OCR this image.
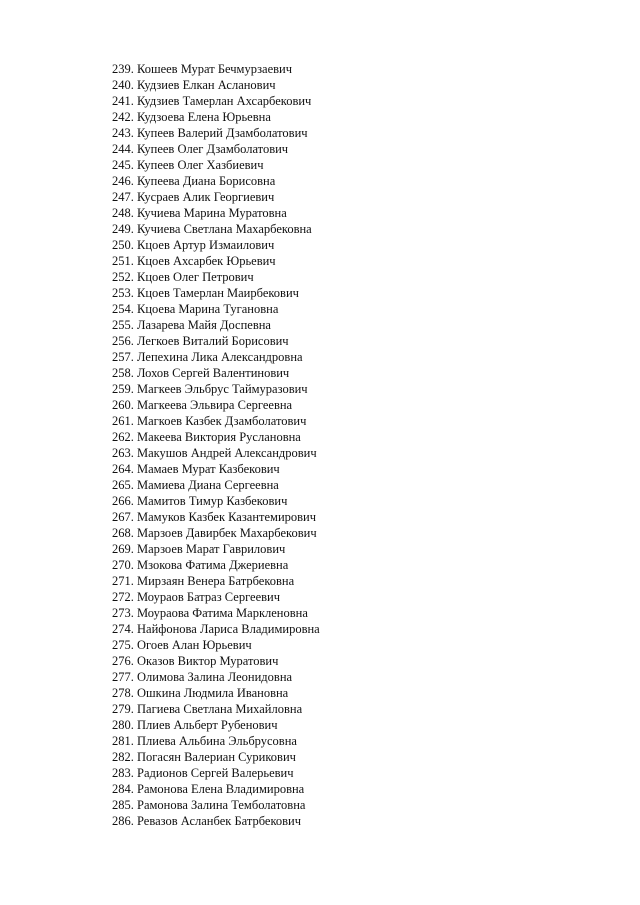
239. Кошеев Мурат Бечмурзаевич
240. Кудзиев Елкан Асланович
241. Кудзиев Тамерлан Ахсарбекович
242. Кудзоева Елена Юрьевна
243. Купеев Валерий Дзамболатович
244. Купеев Олег Дзамболатович
245. Купеев Олег Хазбиевич
246. Купеева Диана Борисовна
247. Кусраев Алик Георгиевич
248. Кучиева Марина Муратовна
249. Кучиева Светлана Махарбековна
250. Кцоев Артур Измаилович
251. Кцоев Ахсарбек Юрьевич
252. Кцоев Олег Петрович
253. Кцоев Тамерлан Маирбекович
254. Кцоева Марина Тугановна
255. Лазарева Майя Доспевна
256. Легкоев Виталий Борисович
257. Лепехина Лика Александровна
258. Лохов Сергей Валентинович
259. Магкеев Эльбрус Таймуразович
260. Магкеева Эльвира Сергеевна
261. Магкоев Казбек Дзамболатович
262. Макеева Виктория Руслановна
263. Макушов Андрей Александрович
264. Мамаев Мурат Казбекович
265. Мамиева Диана Сергеевна
266. Мамитов Тимур Казбекович
267. Мамуков Казбек Казантемирович
268. Марзоев Давирбек Махарбекович
269. Марзоев Марат Гаврилович
270. Мзокова Фатима Джериевна
271. Мирзаян Венера Батрбековна
272. Моураов Батраз Сергеевич
273. Моураова Фатима Маркленовна
274. Найфонова Лариса Владимировна
275. Огоев Алан Юрьевич
276. Оказов Виктор Муратович
277. Олимова Залина Леонидовна
278. Ошкина Людмила Ивановна
279. Пагиева Светлана Михайловна
280. Плиев Альберт Рубенович
281. Плиева Альбина Эльбрусовна
282. Погасян Валериан Сурикович
283. Радионов Сергей Валерьевич
284. Рамонова Елена Владимировна
285. Рамонова Залина Темболатовна
286. Ревазов Асланбек Батрбекович
